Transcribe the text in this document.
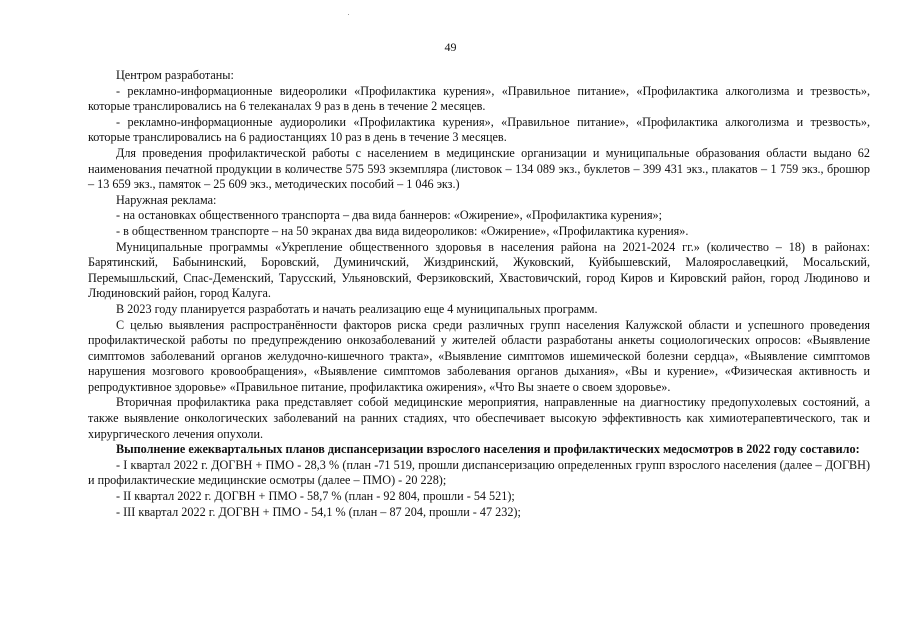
49

Центром разработаны:

- рекламно-информационные видеоролики «Профилактика курения», «Правильное питание», «Профилактика алкоголизма и трезвость», которые транслировались на 6 телеканалах 9 раз в день в течение 2 месяцев.

- рекламно-информационные аудиоролики «Профилактика курения», «Правильное питание», «Профилактика алкоголизма и трезвость», которые транслировались на 6 радиостанциях 10 раз в день в течение 3 месяцев.

Для проведения профилактической работы с населением в медицинские организации и муниципальные образования области выдано 62 наименования печатной продукции в количестве 575 593 экземпляра (листовок – 134 089 экз., буклетов – 399 431 экз., плакатов – 1 759 экз., брошюр – 13 659 экз., памяток – 25 609 экз., методических пособий – 1 046 экз.)

Наружная реклама:

- на остановках общественного транспорта – два вида баннеров: «Ожирение», «Профилактика курения»;

- в общественном транспорте – на 50 экранах два вида видеороликов: «Ожирение», «Профилактика курения».

Муниципальные программы «Укрепление общественного здоровья в населения района на 2021-2024 гг.» (количество – 18) в районах: Барятинский, Бабынинский, Боровский, Думиничский, Жиздринский, Жуковский, Куйбышевский, Малоярославецкий, Мосальский, Перемышльский, Спас-Деменский, Тарусский, Ульяновский, Ферзиковский, Хвастовичский, город Киров и Кировский район, город Людиново и Людиновский район, город Калуга.

В 2023 году планируется разработать и начать реализацию еще 4 муниципальных программ.

С целью выявления распространённости факторов риска среди различных групп населения Калужской области и успешного проведения профилактической работы по предупреждению онкозаболеваний у жителей области разработаны анкеты социологических опросов: «Выявление симптомов заболеваний органов желудочно-кишечного тракта», «Выявление симптомов ишемической болезни сердца», «Выявление симптомов нарушения мозгового кровообращения», «Выявление симптомов заболевания органов дыхания», «Вы и курение», «Физическая активность и репродуктивное здоровье» «Правильное питание, профилактика ожирения», «Что Вы знаете о своем здоровье».

Вторичная профилактика рака представляет собой медицинские мероприятия, направленные на диагностику предопухолевых состояний, а также выявление онкологических заболеваний на ранних стадиях, что обеспечивает высокую эффективность как химиотерапевтического, так и хирургического лечения опухоли.

Выполнение ежеквартальных планов диспансеризации взрослого населения и профилактических медосмотров в 2022 году составило:

- I квартал 2022 г. ДОГВН + ПМО - 28,3 % (план -71 519, прошли диспансеризацию определенных групп взрослого населения (далее – ДОГВН) и профилактические медицинские осмотры (далее – ПМО) - 20 228);

- II квартал 2022 г. ДОГВН + ПМО - 58,7 % (план - 92 804, прошли - 54 521);

- III квартал 2022 г. ДОГВН + ПМО - 54,1 % (план – 87 204, прошли - 47 232);
